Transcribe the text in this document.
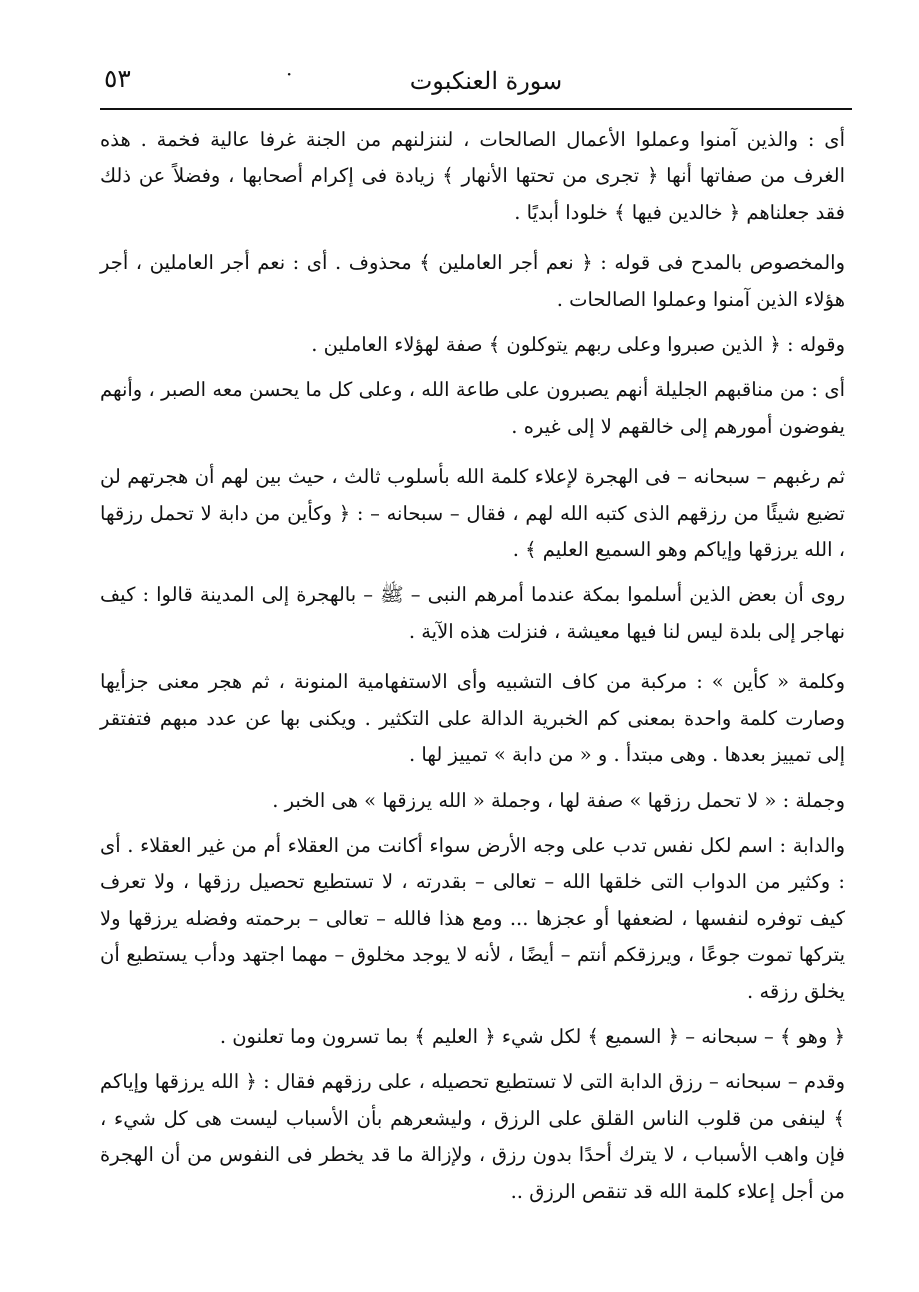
٥٣	·	سورة العنكبوت

أى : والذين آمنوا وعملوا الأعمال الصالحات ، لننزلنهم من الجنة غرفا عالية فخمة . هذه الغرف من صفاتها أنها ﴿ تجرى من تحتها الأنهار ﴾ زيادة فى إكرام أصحابها ، وفضلاً عن ذلك فقد جعلناهم ﴿ خالدين فيها ﴾ خلودا أبديًا .

والمخصوص بالمدح فى قوله : ﴿ نعم أجر العاملين ﴾ محذوف . أى : نعم أجر العاملين ، أجر هؤلاء الذين آمنوا وعملوا الصالحات .

وقوله : ﴿ الذين صبروا وعلى ربهم يتوكلون ﴾ صفة لهؤلاء العاملين .

أى : من مناقبهم الجليلة أنهم يصبرون على طاعة الله ، وعلى كل ما يحسن معه الصبر ، وأنهم يفوضون أمورهم إلى خالقهم لا إلى غيره .

ثم رغبهم – سبحانه – فى الهجرة لإعلاء كلمة الله بأسلوب ثالث ، حيث بين لهم أن هجرتهم لن تضيع شيئًا من رزقهم الذى كتبه الله لهم ، فقال – سبحانه – : ﴿ وكأين من دابة لا تحمل رزقها ، الله يرزقها وإياكم وهو السميع العليم ﴾ .

روى أن بعض الذين أسلموا بمكة عندما أمرهم النبى – ﷺ – بالهجرة إلى المدينة قالوا : كيف نهاجر إلى بلدة ليس لنا فيها معيشة ، فنزلت هذه الآية .

وكلمة « كأين » : مركبة من كاف التشبيه وأى الاستفهامية المنونة ، ثم هجر معنى جزأيها وصارت كلمة واحدة بمعنى كم الخبرية الدالة على التكثير . ويكنى بها عن عدد مبهم فتفتقر إلى تمييز بعدها . وهى مبتدأ . و « من دابة » تمييز لها .

وجملة : « لا تحمل رزقها » صفة لها ، وجملة « الله يرزقها » هى الخبر .

والدابة : اسم لكل نفس تدب على وجه الأرض سواء أكانت من العقلاء أم من غير العقلاء . أى : وكثير من الدواب التى خلقها الله – تعالى – بقدرته ، لا تستطيع تحصيل رزقها ، ولا تعرف كيف توفره لنفسها ، لضعفها أو عجزها ... ومع هذا فالله – تعالى – برحمته وفضله يرزقها ولا يتركها تموت جوعًا ، ويرزقكم أنتم – أيضًا ، لأنه لا يوجد مخلوق – مهما اجتهد ودأب يستطيع أن يخلق رزقه .

﴿ وهو ﴾ – سبحانه – ﴿ السميع ﴾ لكل شيء ﴿ العليم ﴾ بما تسرون وما تعلنون .

وقدم – سبحانه – رزق الدابة التى لا تستطيع تحصيله ، على رزقهم فقال : ﴿ الله يرزقها وإياكم ﴾ لينفى من قلوب الناس القلق على الرزق ، وليشعرهم بأن الأسباب ليست هى كل شيء ، فإن واهب الأسباب ، لا يترك أحدًا بدون رزق ، ولإزالة ما قد يخطر فى النفوس من أن الهجرة من أجل إعلاء كلمة الله قد تنقص الرزق ..
